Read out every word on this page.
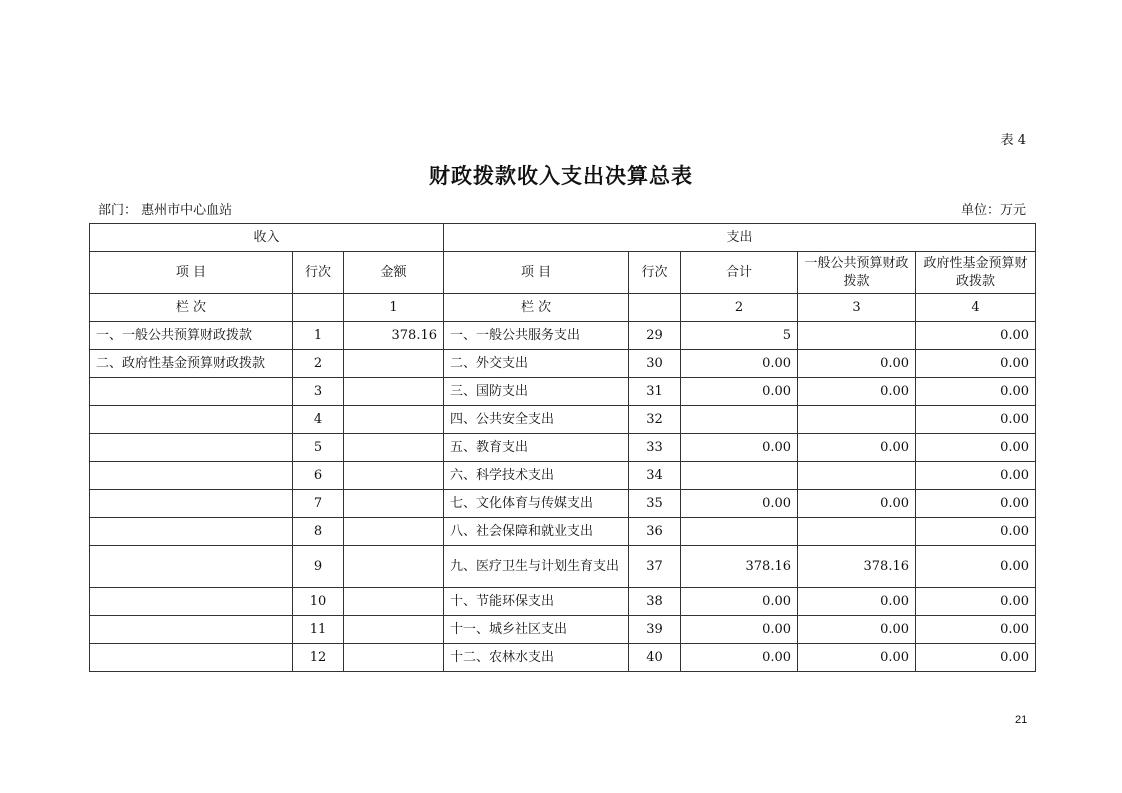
表 4
财政拨款收入支出决算总表
部门： 惠州市中心血站	单位：万元
收入			支出				
项 目	行次	金额	项 目	行次	合计	一般公共预算财政拨款	政府性基金预算财政拨款
栏 次		1	栏 次		2	3	4
一、一般公共预算财政拨款	1	378.16	一、一般公共服务支出	29	5		0.00
二、政府性基金预算财政拨款	2		二、外交支出	30	0.00	0.00	0.00
	3		三、国防支出	31	0.00	0.00	0.00
	4		四、公共安全支出	32			0.00
	5		五、教育支出	33	0.00	0.00	0.00
	6		六、科学技术支出	34			0.00
	7		七、文化体育与传媒支出	35	0.00	0.00	0.00
	8		八、社会保障和就业支出	36			0.00
	9		九、医疗卫生与计划生育支出	37	378.16	378.16	0.00
	10		十、节能环保支出	38	0.00	0.00	0.00
	11		十一、城乡社区支出	39	0.00	0.00	0.00
	12		十二、农林水支出	40	0.00	0.00	0.00
21
